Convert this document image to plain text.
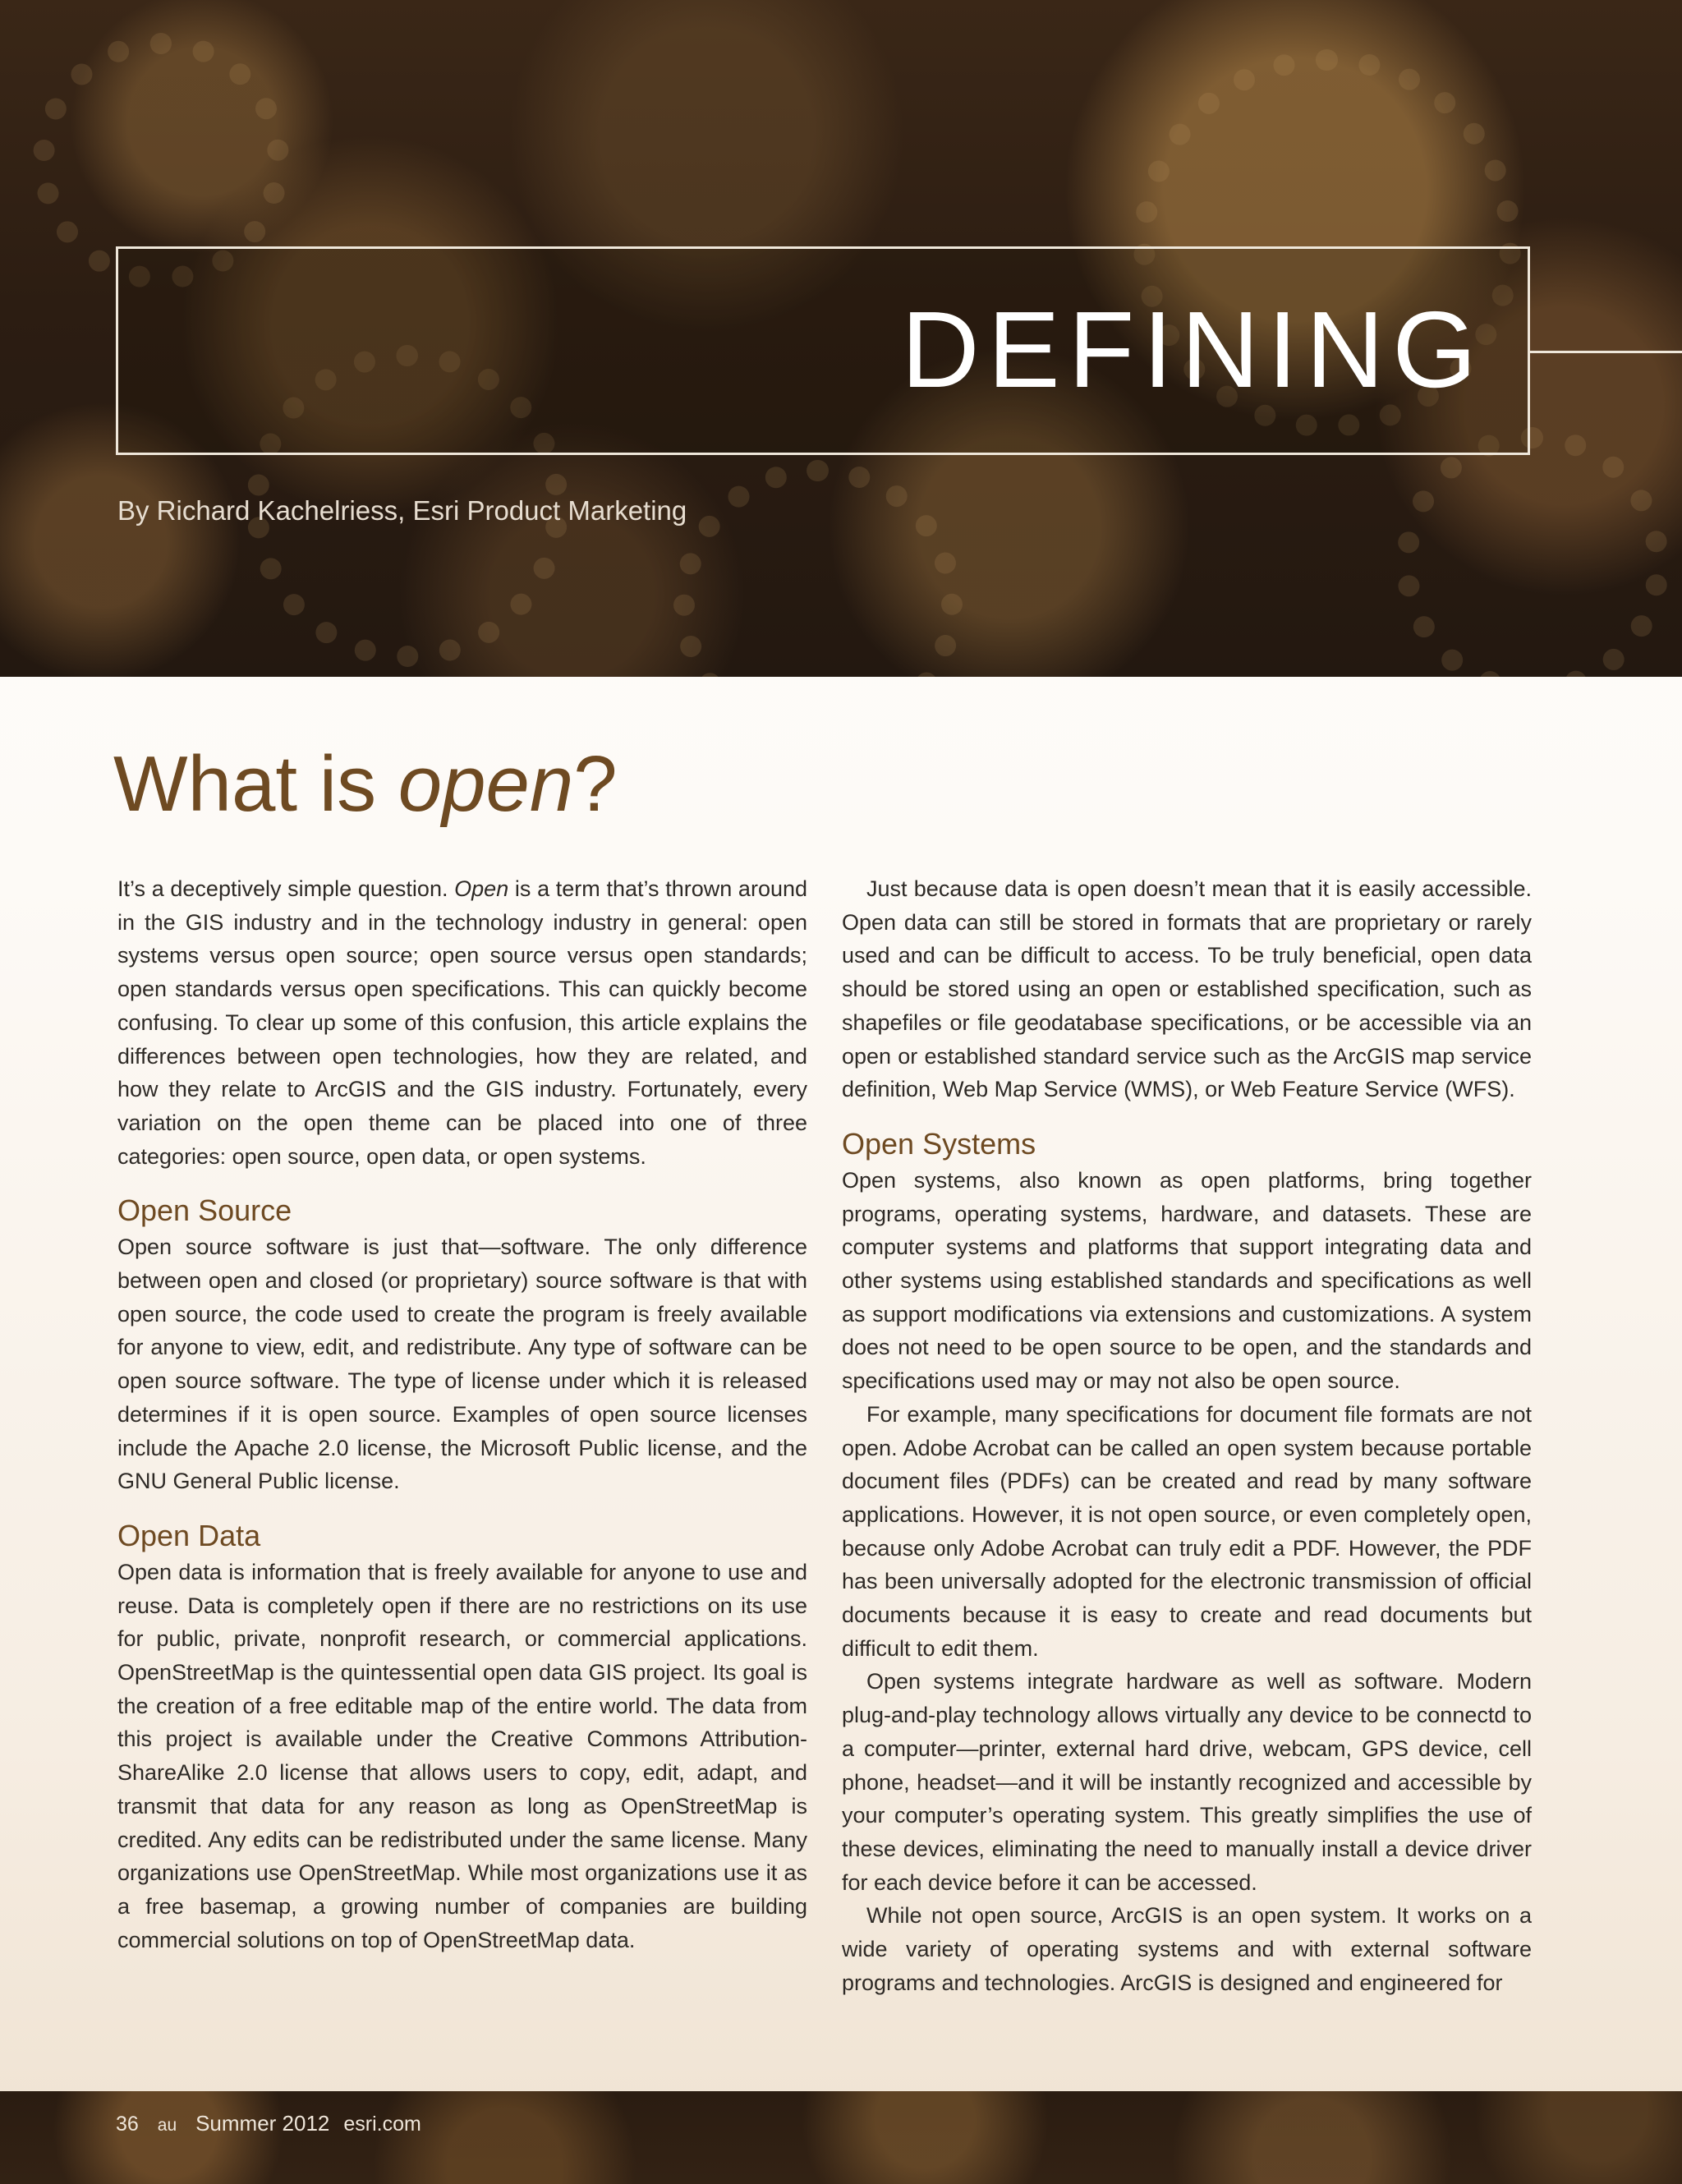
DEFINING

By Richard Kachelriess, Esri Product Marketing

What is open?

It’s a deceptively simple question. Open is a term that’s thrown around in the GIS industry and in the technology industry in general: open systems versus open source; open source versus open standards; open standards versus open specifications. This can quickly become confusing. To clear up some of this confusion, this article explains the differences between open technologies, how they are related, and how they relate to ArcGIS and the GIS industry. Fortunately, every variation on the open theme can be placed into one of three categories: open source, open data, or open systems.

Open Source

Open source software is just that—software. The only difference between open and closed (or proprietary) source software is that with open source, the code used to create the program is freely available for anyone to view, edit, and redistribute. Any type of software can be open source software. The type of license under which it is released determines if it is open source. Examples of open source licenses include the Apache 2.0 license, the Microsoft Public license, and the GNU General Public license.

Open Data

Open data is information that is freely available for anyone to use and reuse. Data is completely open if there are no restrictions on its use for public, private, nonprofit research, or commercial applications. OpenStreetMap is the quintessential open data GIS project. Its goal is the creation of a free editable map of the entire world. The data from this project is available under the Creative Commons Attribution-ShareAlike 2.0 license that allows users to copy, edit, adapt, and transmit that data for any reason as long as OpenStreetMap is credited. Any edits can be redistributed under the same license. Many organizations use OpenStreetMap. While most organizations use it as a free basemap, a growing number of companies are building commercial solutions on top of OpenStreetMap data.

Just because data is open doesn’t mean that it is easily accessible. Open data can still be stored in formats that are proprietary or rarely used and can be difficult to access. To be truly beneficial, open data should be stored using an open or established specification, such as shapefiles or file geodatabase specifications, or be accessible via an open or established standard service such as the ArcGIS map service definition, Web Map Service (WMS), or Web Feature Service (WFS).

Open Systems

Open systems, also known as open platforms, bring together programs, operating systems, hardware, and datasets. These are computer systems and platforms that support integrating data and other systems using established standards and specifications as well as support modifications via extensions and customizations. A system does not need to be open source to be open, and the standards and specifications used may or may not also be open source.

For example, many specifications for document file formats are not open. Adobe Acrobat can be called an open system because portable document files (PDFs) can be created and read by many software applications. However, it is not open source, or even completely open, because only Adobe Acrobat can truly edit a PDF. However, the PDF has been universally adopted for the electronic transmission of official documents because it is easy to create and read documents but difficult to edit them.

Open systems integrate hardware as well as software. Modern plug-and-play technology allows virtually any device to be connectd to a computer—printer, external hard drive, webcam, GPS device, cell phone, headset—and it will be instantly recognized and accessible by your computer’s operating system. This greatly simplifies the use of these devices, eliminating the need to manually install a device driver for each device before it can be accessed.

While not open source, ArcGIS is an open system. It works on a wide variety of operating systems and with external software programs and technologies. ArcGIS is designed and engineered for

36 au Summer 2012 esri.com
